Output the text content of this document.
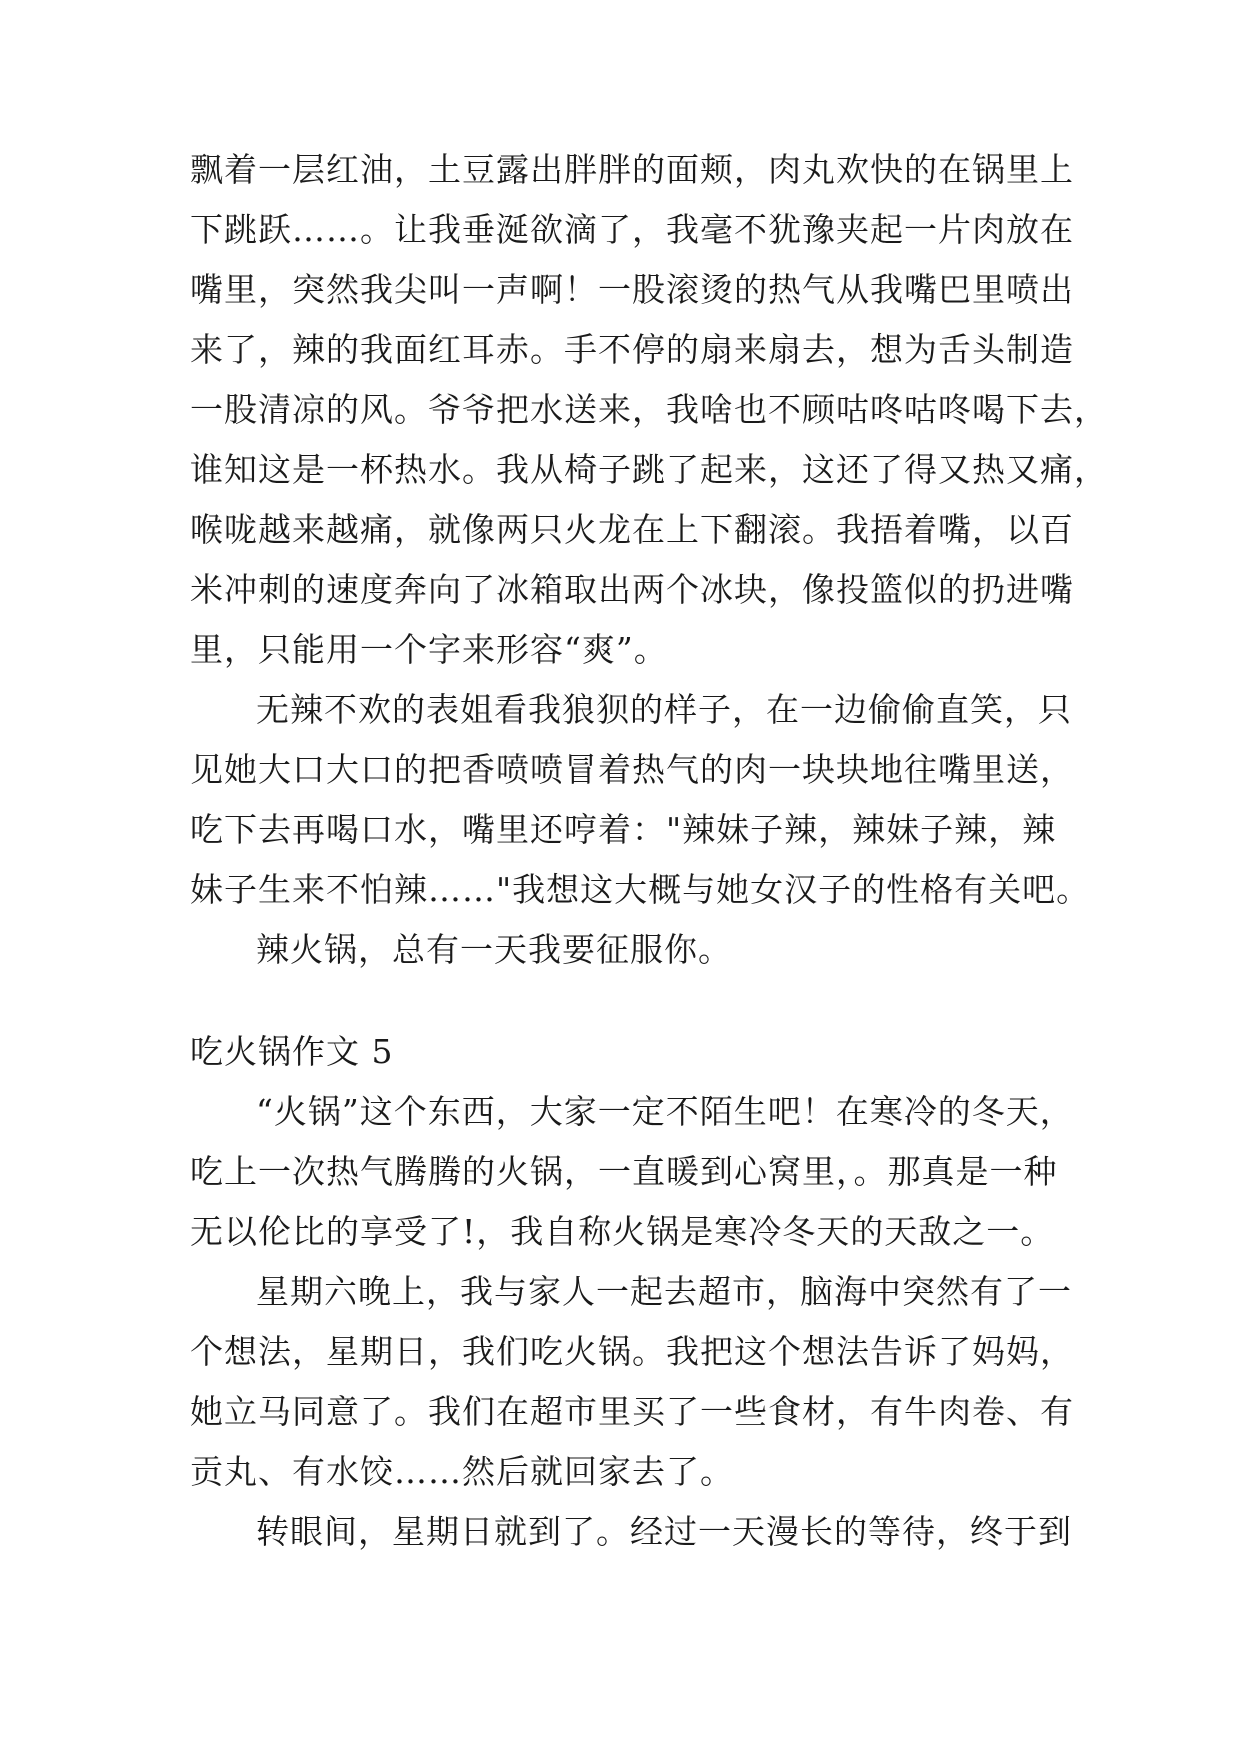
飘着一层红油，土豆露出胖胖的面颊，肉丸欢快的在锅里上
下跳跃……。让我垂涎欲滴了，我毫不犹豫夹起一片肉放在
嘴里，突然我尖叫一声啊！一股滚烫的热气从我嘴巴里喷出
来了，辣的我面红耳赤。手不停的扇来扇去，想为舌头制造
一股清凉的风。爷爷把水送来，我啥也不顾咕咚咕咚喝下去，
谁知这是一杯热水。我从椅子跳了起来，这还了得又热又痛，
喉咙越来越痛，就像两只火龙在上下翻滚。我捂着嘴，以百
米冲刺的速度奔向了冰箱取出两个冰块，像投篮似的扔进嘴
里，只能用一个字来形容“爽”。
无辣不欢的表姐看我狼狈的样子，在一边偷偷直笑，只
见她大口大口的把香喷喷冒着热气的肉一块块地往嘴里送，
吃下去再喝口水，嘴里还哼着："辣妹子辣，辣妹子辣，辣
妹子生来不怕辣……"我想这大概与她女汉子的性格有关吧。
辣火锅，总有一天我要征服你。
吃火锅作文 5
“火锅”这个东西，大家一定不陌生吧！在寒冷的冬天，
吃上一次热气腾腾的火锅，一直暖到心窝里，。那真是一种
无以伦比的享受了!，我自称火锅是寒冷冬天的天敌之一。
星期六晚上，我与家人一起去超市，脑海中突然有了一
个想法，星期日，我们吃火锅。我把这个想法告诉了妈妈，
她立马同意了。我们在超市里买了一些食材，有牛肉卷、有
贡丸、有水饺……然后就回家去了。
转眼间，星期日就到了。经过一天漫长的等待，终于到
